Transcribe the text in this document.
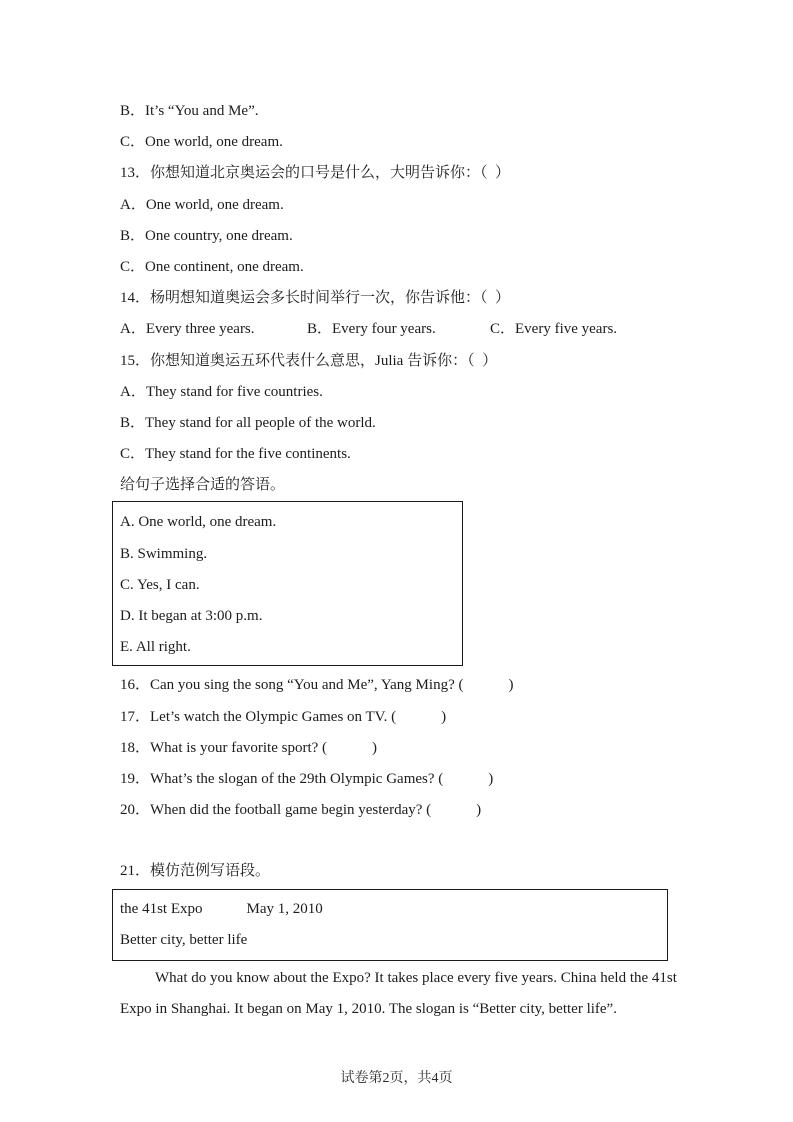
B．It’s “You and Me”.
C．One world, one dream.
13．你想知道北京奥运会的口号是什么，大明告诉你：（  ）
A．One world, one dream.
B．One country, one dream.
C．One continent, one dream.
14．杨明想知道奥运会多长时间举行一次，你告诉他：（  ）
A．Every three years.	B．Every four years.	C．Every five years.
15．你想知道奥运五环代表什么意思，Julia 告诉你：（  ）
A．They stand for five countries.
B．They stand for all people of the world.
C．They stand for the five continents.
给句子选择合适的答语。
A. One world, one dream.
B. Swimming.
C. Yes, I can.
D. It began at 3:00 p.m.
E. All right.
16．Can you sing the song “You and Me”, Yang Ming? (            )
17．Let’s watch the Olympic Games on TV. (            )
18．What is your favorite sport? (            )
19．What’s the slogan of the 29th Olympic Games? (            )
20．When did the football game begin yesterday? (            )
21．模仿范例写语段。
the 41st Expo	May 1, 2010
Better city, better life
What do you know about the Expo? It takes place every five years. China held the 41st
Expo in Shanghai. It began on May 1, 2010. The slogan is “Better city, better life”.
试卷第2页，共4页
